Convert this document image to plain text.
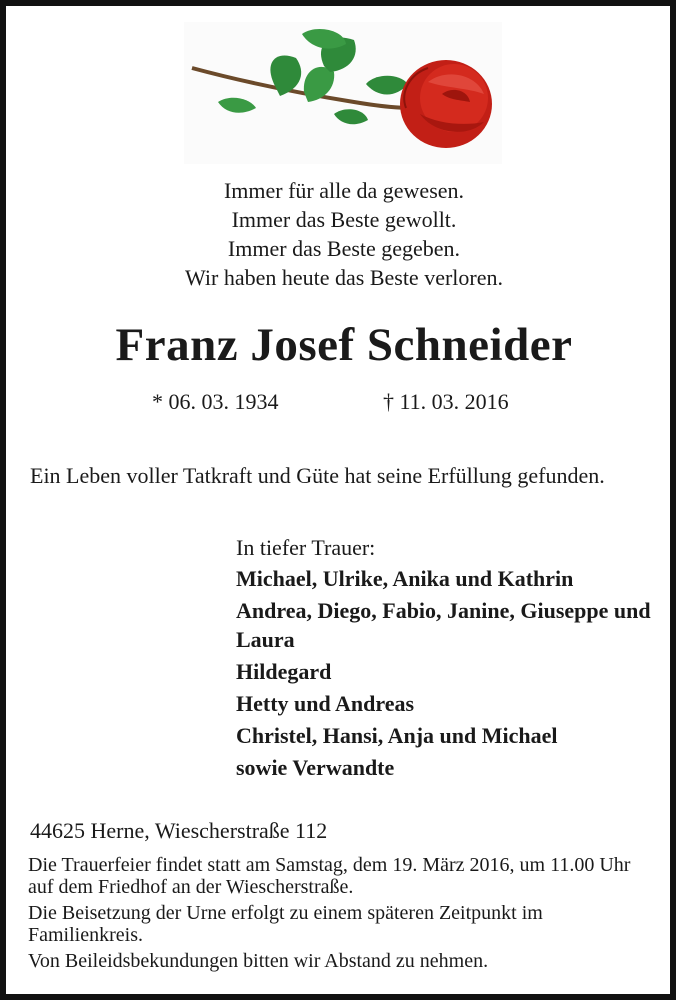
Immer für alle da gewesen.
Immer das Beste gewollt.
Immer das Beste gegeben.
Wir haben heute das Beste verloren.
Franz Josef Schneider
* 06. 03. 1934	† 11. 03. 2016
Ein Leben voller Tatkraft und Güte hat seine Erfüllung gefunden.
In tiefer Trauer:
Michael, Ulrike, Anika und Kathrin
Andrea, Diego, Fabio, Janine, Giuseppe und Laura
Hildegard
Hetty und Andreas
Christel, Hansi, Anja und Michael
sowie Verwandte
44625 Herne, Wiescherstraße 112

Die Trauerfeier findet statt am Samstag, dem 19. März 2016, um 11.00 Uhr auf dem Friedhof an der Wiescherstraße.

Die Beisetzung der Urne erfolgt zu einem späteren Zeitpunkt im Familienkreis.

Von Beileidsbekundungen bitten wir Abstand zu nehmen.
